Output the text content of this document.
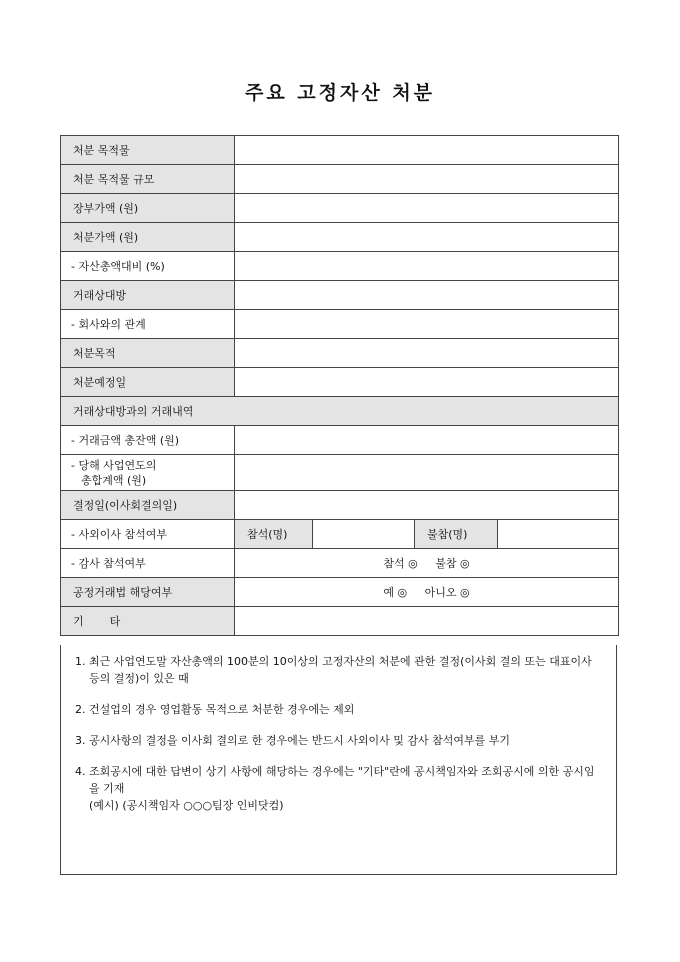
주요 고정자산 처분
처분 목적물				
처분 목적물 규모				
장부가액 (원)				
처분가액 (원)				
- 자산총액대비 (%)				
거래상대방				
- 회사와의 관계				
처분목적				
처분예정일				
거래상대방과의 거래내역				
- 거래금액 총잔액 (원)				
- 당해 사업연도의
총합계액 (원)				
결정일(이사회결의일)				
- 사외이사 참석여부	참석(명)		불참(명)	
- 감사 참석여부	참석 ◎     불참 ◎			
공정거래법 해당여부	예 ◎     아니오 ◎			
기 타				
1. 최근 사업연도말 자산총액의 100분의 10이상의 고정자산의 처분에 관한 결정(이사회 결의 또는 대표이사 등의 결정)이 있은 때
2. 건설업의 경우 영업활동 목적으로 처분한 경우에는 제외
3. 공시사항의 결정을 이사회 결의로 한 경우에는 반드시 사외이사 및 감사 참석여부를 부기
4. 조회공시에 대한 답변이 상기 사항에 해당하는 경우에는 "기타"란에 공시책임자와 조회공시에 의한 공시임을 기재
(예시) (공시책임자 ○○○팀장 인비닷컴)
